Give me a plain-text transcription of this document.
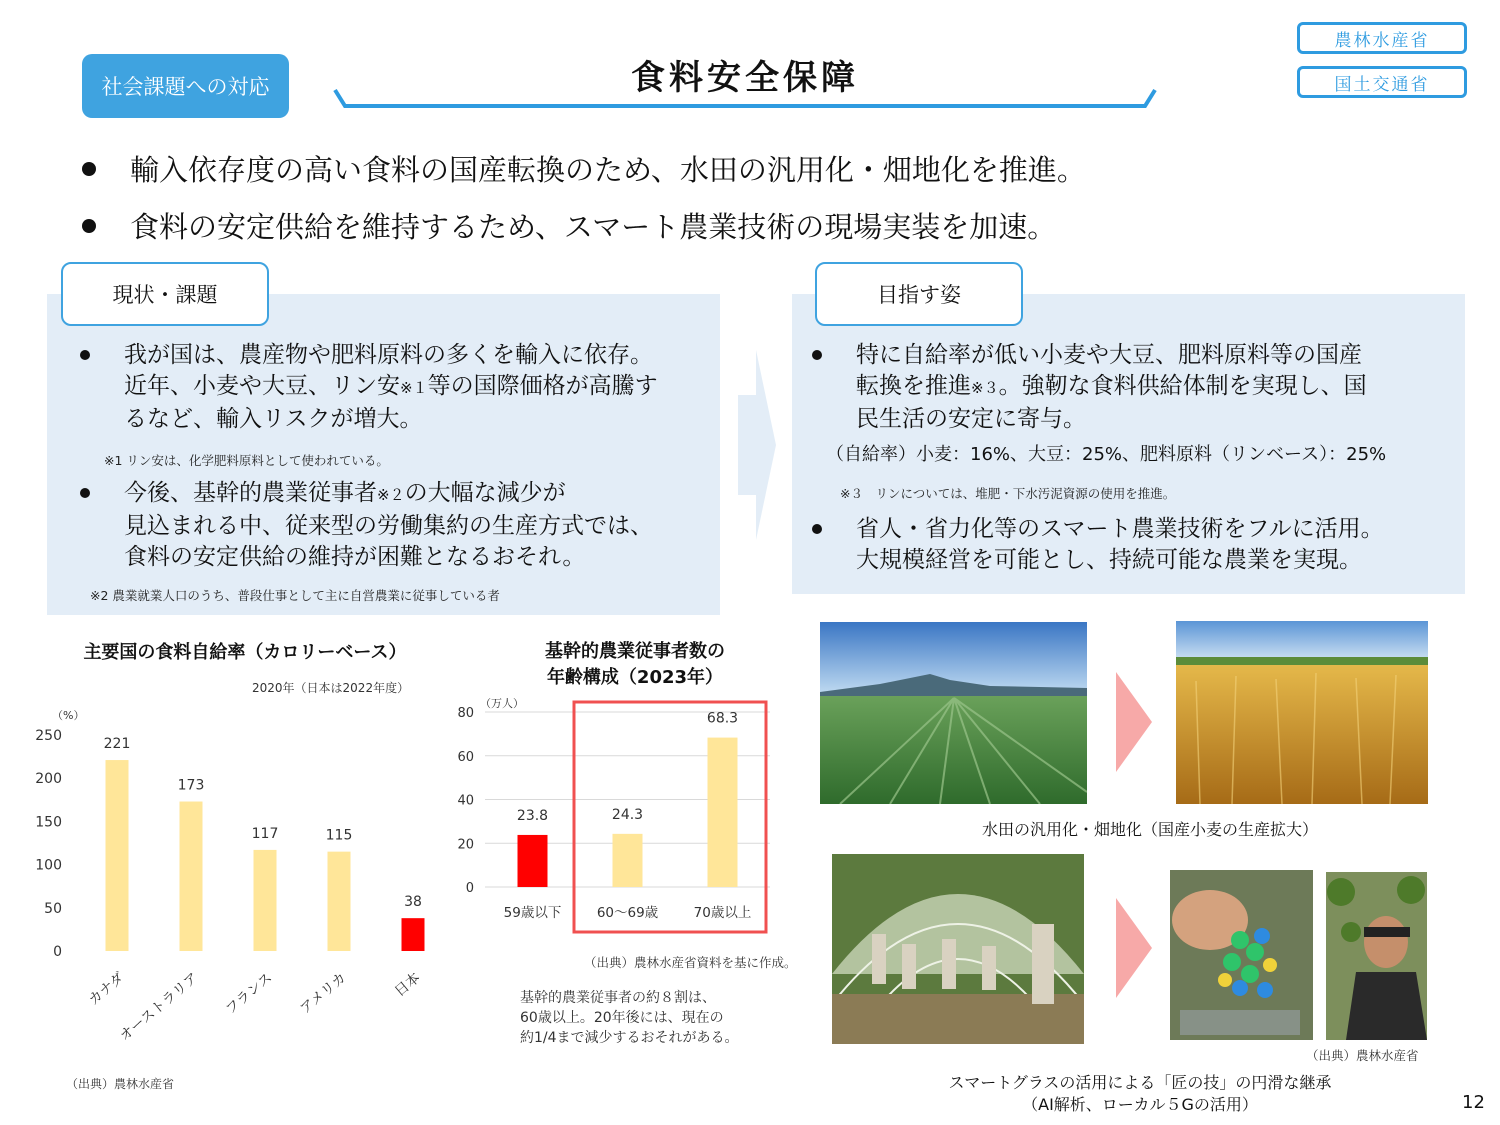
社会課題への対応	食料安全保障
農林水産省
国土交通省
輸入依存度の高い食料の国産転換のため、水田の汎用化・畑地化を推進。
食料の安定供給を維持するため、スマート農業技術の現場実装を加速。
現状・課題
我が国は、農産物や肥料原料の多くを輸入に依存。
近年、小麦や大豆、リン安※１等の国際価格が高騰す
るなど、輸入リスクが増大。
※1 リン安は、化学肥料原料として使われている。
今後、基幹的農業従事者※２の大幅な減少が
見込まれる中、従来型の労働集約の生産方式では、
食料の安定供給の維持が困難となるおそれ。
※2 農業就業人口のうち、普段仕事として主に自営農業に従事している者
目指す姿
特に自給率が低い小麦や大豆、肥料原料等の国産
転換を推進※３。強靭な食料供給体制を実現し、国
民生活の安定に寄与。
（自給率）小麦：16%、大豆：25%、肥料原料（リンベース）：25%
※３　リンについては、堆肥・下水汚泥資源の使用を推進。
省人・省力化等のスマート農業技術をフルに活用。
大規模経営を可能とし、持続可能な農業を実現。
主要国の食料自給率（カロリーベース）
2020年（日本は2022年度）
（%）
0
50
100
150
200
250
221
カナダ
173
オーストラリア
117
フランス
115
アメリカ
38
日本
（出典）農林水産省
基幹的農業従事者数の
年齢構成（2023年）
（万人）
0
20
40
60
80
23.8
59歳以下
24.3
60〜69歳
68.3
70歳以上
（出典）農林水産省資料を基に作成。
基幹的農業従事者の約８割は、
60歳以上。20年後には、現在の
約1/4まで減少するおそれがある。
水田の汎用化・畑地化（国産小麦の生産拡大）
（出典）農林水産省
スマートグラスの活用による「匠の技」の円滑な継承
（AI解析、ローカル５Gの活用）	12
